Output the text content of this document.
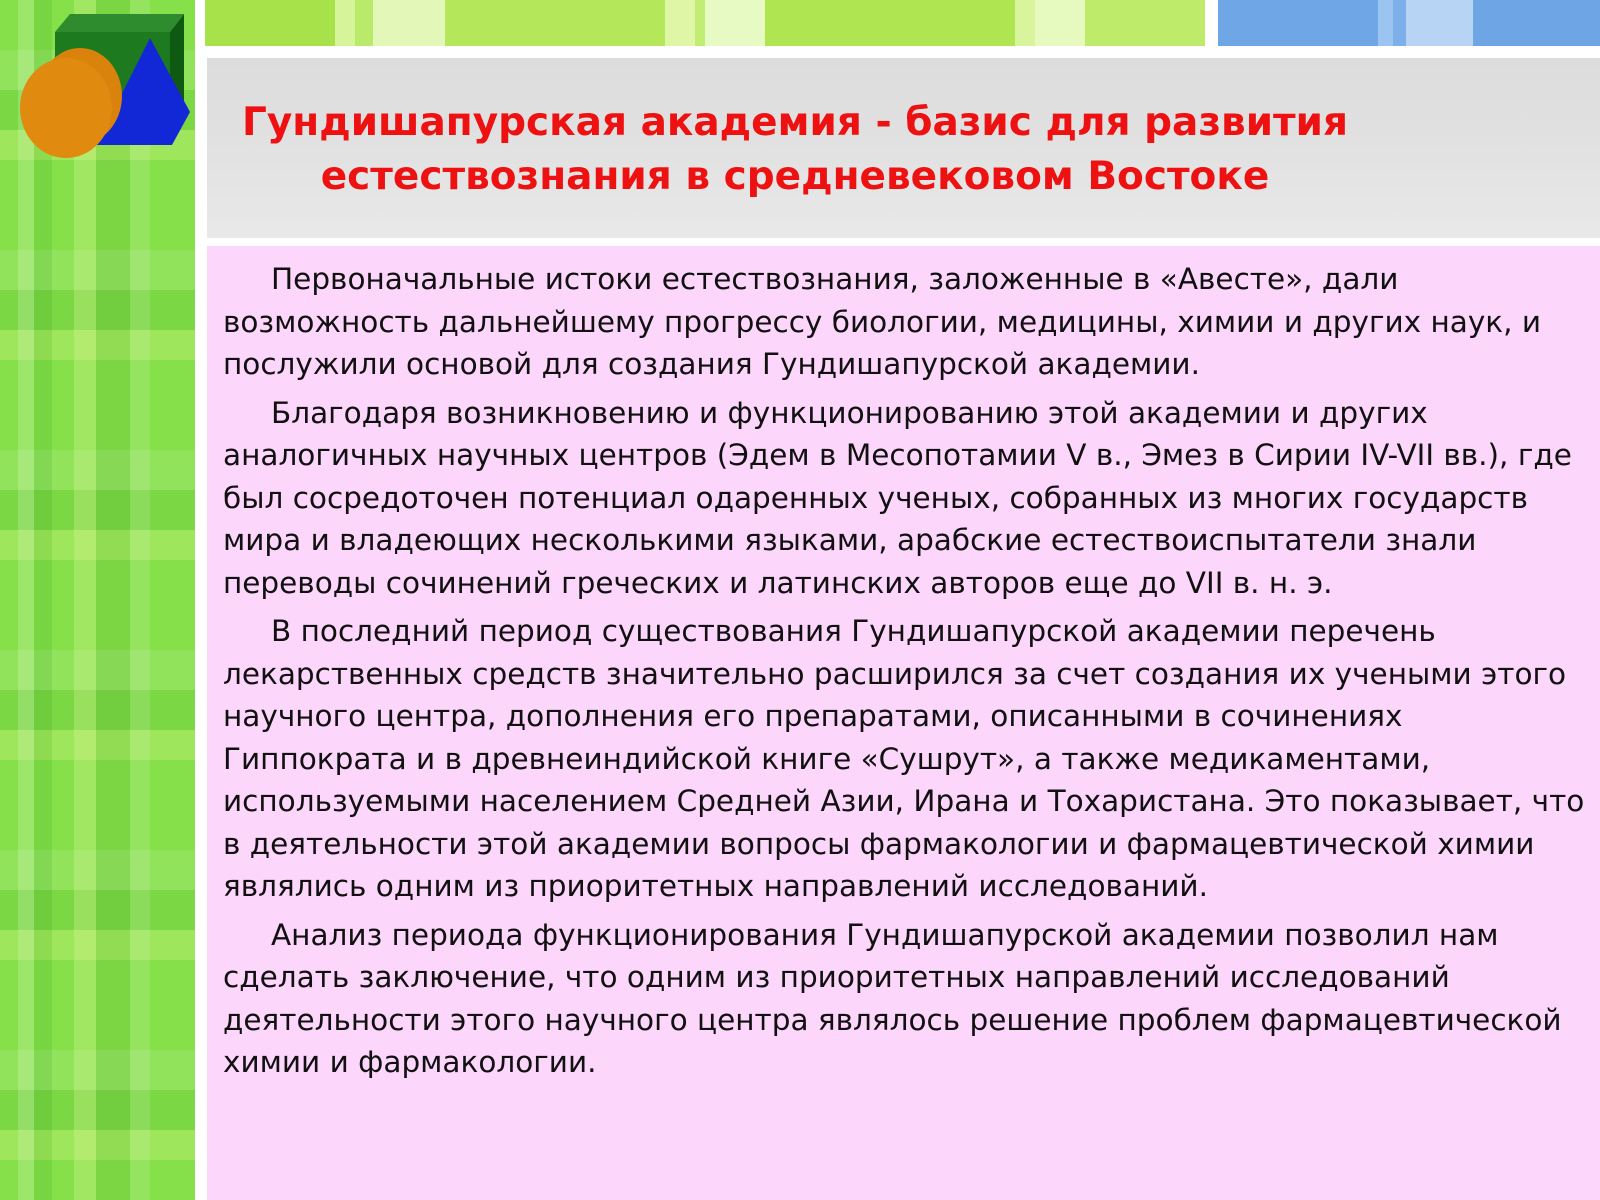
Гундишапурская академия - базис для развития естествознания в средневековом Востоке

Первоначальные истоки естествознания, заложенные в «Авесте», дали возможность дальнейшему прогрессу биологии, медицины, химии и других наук, и послужили основой для создания Гундишапурской академии.

Благодаря возникновению и функционированию этой академии и других аналогичных научных центров (Эдем в Месопотамии V в., Эмез в Сирии IV-VII вв.), где был сосредоточен потенциал одаренных ученых, собранных из многих государств мира и владеющих несколькими языками, арабские естествоиспытатели знали переводы сочинений греческих и латинских авторов еще до VII в. н. э.

В последний период существования Гундишапурской академии перечень лекарственных средств значительно расширился за счет создания их учеными этого научного центра, дополнения его препаратами, описанными в сочинениях Гиппократа и в древнеиндийской книге «Сушрут», а также медикаментами, используемыми населением Средней Азии, Ирана и Тохаристана. Это показывает, что в деятельности этой академии вопросы фармакологии и фармацевтической химии являлись одним из приоритетных направлений исследований.

Анализ периода функционирования Гундишапурской академии позволил нам сделать заключение, что одним из приоритетных направлений исследований деятельности этого научного центра являлось решение проблем фармацевтической химии и фармакологии.
